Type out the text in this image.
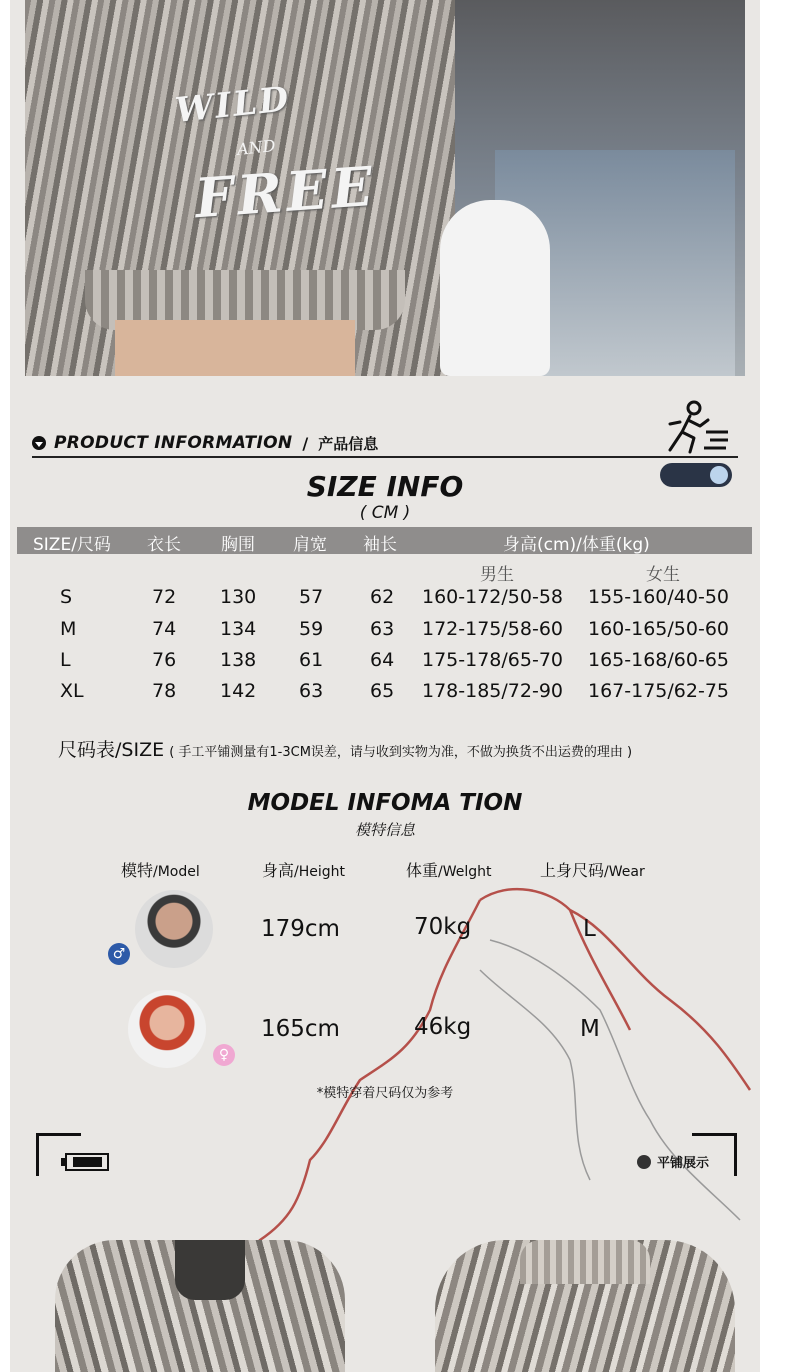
WILD
AND
FREE
PRODUCT INFORMATION / 产品信息
SIZE INFO
( CM )
SIZE/尺码 衣长 胸围 肩宽 袖长	身高(cm)/体重(kg)
男生	女生
S	72 130 57 62 160-172/50-58 155-160/40-50
M	74 134 59 63 172-175/58-60 160-165/50-60
L	76 138 61 64 175-178/65-70 165-168/60-65
XL	78 142 63 65 178-185/72-90 167-175/62-75
尺码表/SIZE ( 手工平铺测量有1-3CM误差，请与收到实物为准，不做为换货不出运费的理由 )
MODEL INFOMA TION
模特信息
模特/Model	身高/Height	体重/Welght	上身尺码/Wear
♂
179cm	70kg	L
♀
165cm	46kg	M
*模特穿着尺码仅为参考
平铺展示
